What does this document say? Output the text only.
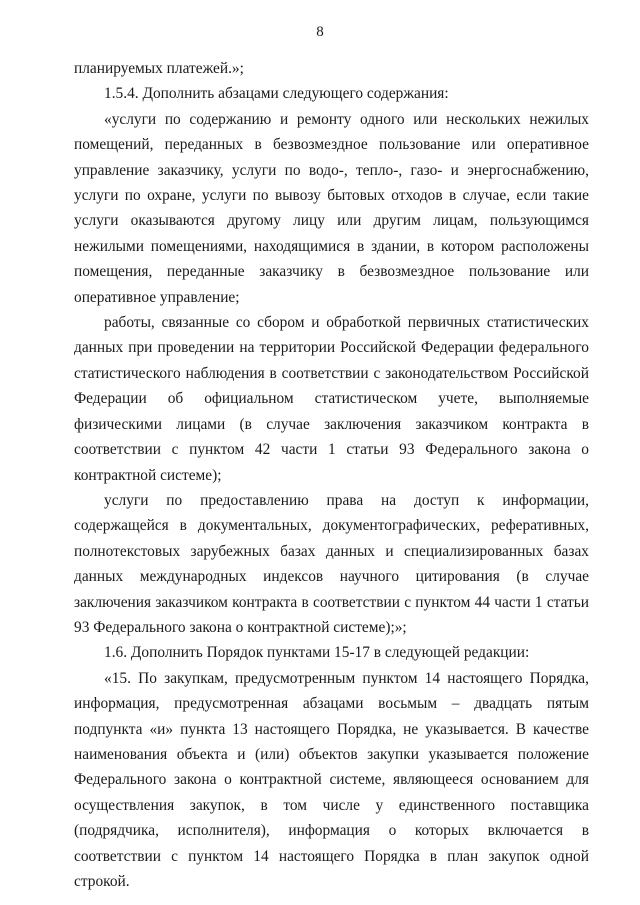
8

планируемых платежей.»;

1.5.4. Дополнить абзацами следующего содержания:

«услуги по содержанию и ремонту одного или нескольких нежилых помещений, переданных в безвозмездное пользование или оперативное управление заказчику, услуги по водо-, тепло-, газо- и энергоснабжению, услуги по охране, услуги по вывозу бытовых отходов в случае, если такие услуги оказываются другому лицу или другим лицам, пользующимся нежилыми помещениями, находящимися в здании, в котором расположены помещения, переданные заказчику в безвозмездное пользование или оперативное управление;

работы, связанные со сбором и обработкой первичных статистических данных при проведении на территории Российской Федерации федерального статистического наблюдения в соответствии с законодательством Российской Федерации об официальном статистическом учете, выполняемые физическими лицами (в случае заключения заказчиком контракта в соответствии с пунктом 42 части 1 статьи 93 Федерального закона о контрактной системе);

услуги по предоставлению права на доступ к информации, содержащейся в документальных, документографических, реферативных, полнотекстовых зарубежных базах данных и специализированных базах данных международных индексов научного цитирования (в случае заключения заказчиком контракта в соответствии с пунктом 44 части 1 статьи 93 Федерального закона о контрактной системе);»;

1.6. Дополнить Порядок пунктами 15-17 в следующей редакции:

«15. По закупкам, предусмотренным пунктом 14 настоящего Порядка, информация, предусмотренная абзацами восьмым – двадцать пятым подпункта «и» пункта 13 настоящего Порядка, не указывается. В качестве наименования объекта и (или) объектов закупки указывается положение Федерального закона о контрактной системе, являющееся основанием для осуществления закупок, в том числе у единственного поставщика (подрядчика, исполнителя), информация о которых включается в соответствии с пунктом 14 настоящего Порядка в план закупок одной строкой.
